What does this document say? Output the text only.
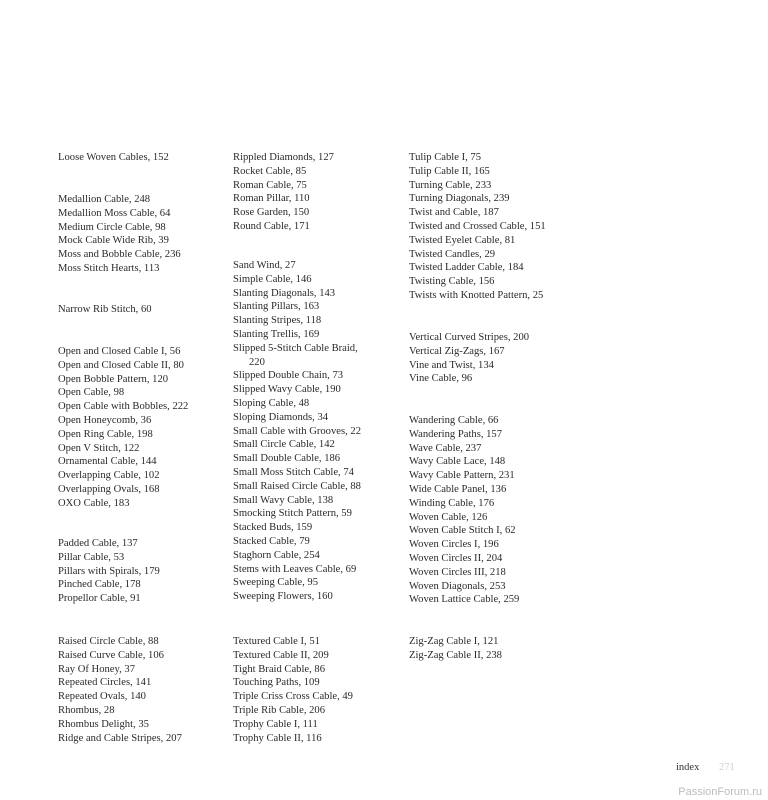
Loose Woven Cables, 152
Medallion Cable, 248
Medallion Moss Cable, 64
Medium Circle Cable, 98
Mock Cable Wide Rib, 39
Moss and Bobble Cable, 236
Moss Stitch Hearts, 113
Narrow Rib Stitch, 60
Open and Closed Cable I, 56
Open and Closed Cable II, 80
Open Bobble Pattern, 120
Open Cable, 98
Open Cable with Bobbles, 222
Open Honeycomb, 36
Open Ring Cable, 198
Open V Stitch, 122
Ornamental Cable, 144
Overlapping Cable, 102
Overlapping Ovals, 168
OXO Cable, 183
Padded Cable, 137
Pillar Cable, 53
Pillars with Spirals, 179
Pinched Cable, 178
Propellor Cable, 91
Raised Circle Cable, 88
Raised Curve Cable, 106
Ray Of Honey, 37
Repeated Circles, 141
Repeated Ovals, 140
Rhombus, 28
Rhombus Delight, 35
Ridge and Cable Stripes, 207
Rippled Diamonds, 127
Rocket Cable, 85
Roman Cable, 75
Roman Pillar, 110
Rose Garden, 150
Round Cable, 171
Sand Wind, 27
Simple Cable, 146
Slanting Diagonals, 143
Slanting Pillars, 163
Slanting Stripes, 118
Slanting Trellis, 169
Slipped 5-Stitch Cable Braid,
220
Slipped Double Chain, 73
Slipped Wavy Cable, 190
Sloping Cable, 48
Sloping Diamonds, 34
Small Cable with Grooves, 22
Small Circle Cable, 142
Small Double Cable, 186
Small Moss Stitch Cable, 74
Small Raised Circle Cable, 88
Small Wavy Cable, 138
Smocking Stitch Pattern, 59
Stacked Buds, 159
Stacked Cable, 79
Staghorn Cable, 254
Stems with Leaves Cable, 69
Sweeping Cable, 95
Sweeping Flowers, 160
Textured Cable I, 51
Textured Cable II, 209
Tight Braid Cable, 86
Touching Paths, 109
Triple Criss Cross Cable, 49
Triple Rib Cable, 206
Trophy Cable I, 111
Trophy Cable II, 116
Tulip Cable I, 75
Tulip Cable II, 165
Turning Cable, 233
Turning Diagonals, 239
Twist and Cable, 187
Twisted and Crossed Cable, 151
Twisted Eyelet Cable, 81
Twisted Candles, 29
Twisted Ladder Cable, 184
Twisting Cable, 156
Twists with Knotted Pattern, 25
Vertical Curved Stripes, 200
Vertical Zig-Zags, 167
Vine and Twist, 134
Vine Cable, 96
Wandering Cable, 66
Wandering Paths, 157
Wave Cable, 237
Wavy Cable Lace, 148
Wavy Cable Pattern, 231
Wide Cable Panel, 136
Winding Cable, 176
Woven Cable, 126
Woven Cable Stitch I, 62
Woven Circles I, 196
Woven Circles II, 204
Woven Circles III, 218
Woven Diagonals, 253
Woven Lattice Cable, 259
Zig-Zag Cable I, 121
Zig-Zag Cable II, 238
index 271
PassionForum.ru
